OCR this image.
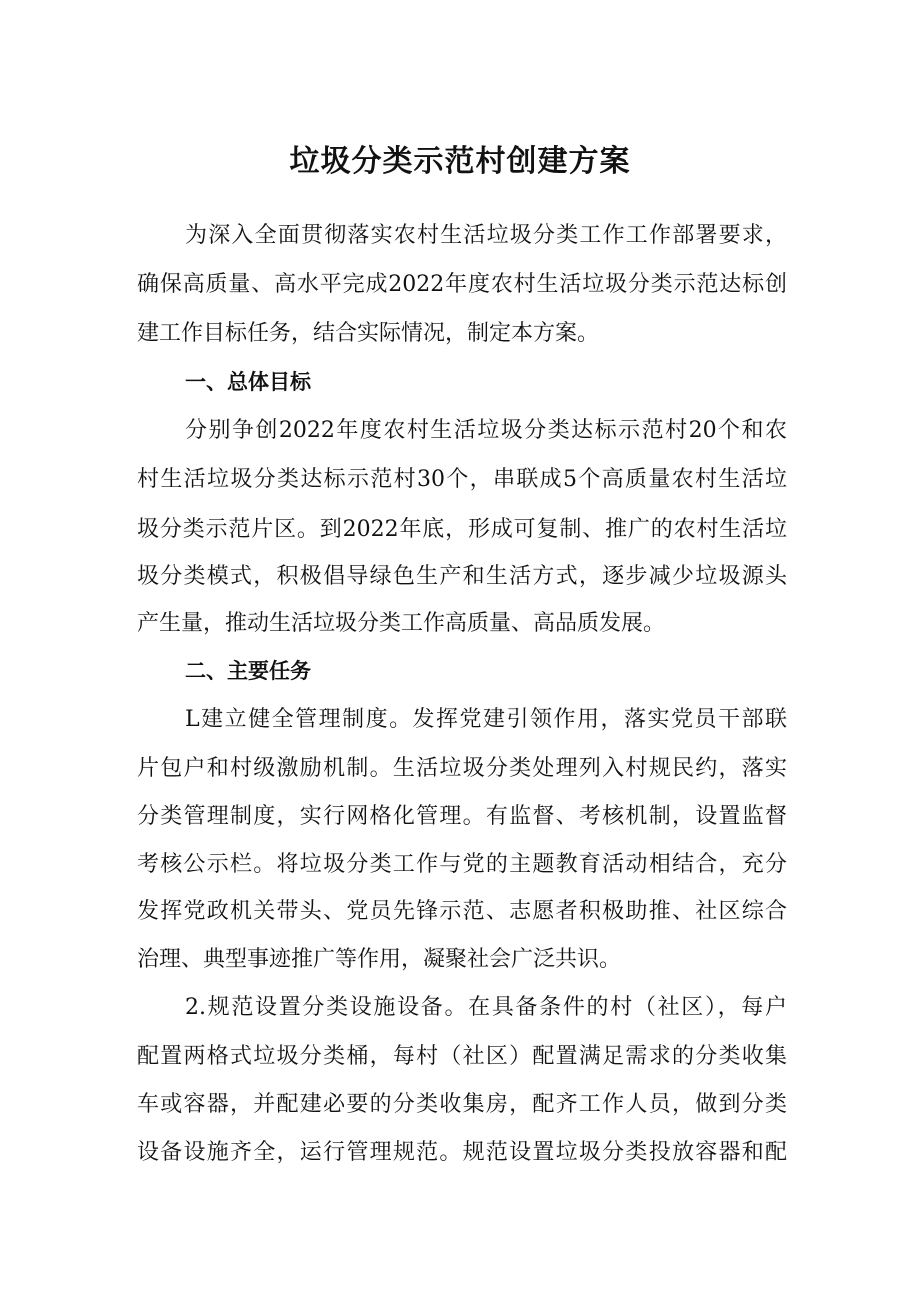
垃圾分类示范村创建方案

为深入全面贯彻落实农村生活垃圾分类工作工作部署要求，

确保高质量、高水平完成2022年度农村生活垃圾分类示范达标创

建工作目标任务，结合实际情况，制定本方案。

一、总体目标

分别争创2022年度农村生活垃圾分类达标示范村20个和农

村生活垃圾分类达标示范村30个，串联成5个高质量农村生活垃

圾分类示范片区。到2022年底，形成可复制、推广的农村生活垃

圾分类模式，积极倡导绿色生产和生活方式，逐步减少垃圾源头

产生量，推动生活垃圾分类工作高质量、高品质发展。

二、主要任务

L建立健全管理制度。发挥党建引领作用，落实党员干部联

片包户和村级激励机制。生活垃圾分类处理列入村规民约，落实

分类管理制度，实行网格化管理。有监督、考核机制，设置监督

考核公示栏。将垃圾分类工作与党的主题教育活动相结合，充分

发挥党政机关带头、党员先锋示范、志愿者积极助推、社区综合

治理、典型事迹推广等作用，凝聚社会广泛共识。

2.规范设置分类设施设备。在具备条件的村（社区），每户

配置两格式垃圾分类桶，每村（社区）配置满足需求的分类收集

车或容器，并配建必要的分类收集房，配齐工作人员，做到分类

设备设施齐全，运行管理规范。规范设置垃圾分类投放容器和配
